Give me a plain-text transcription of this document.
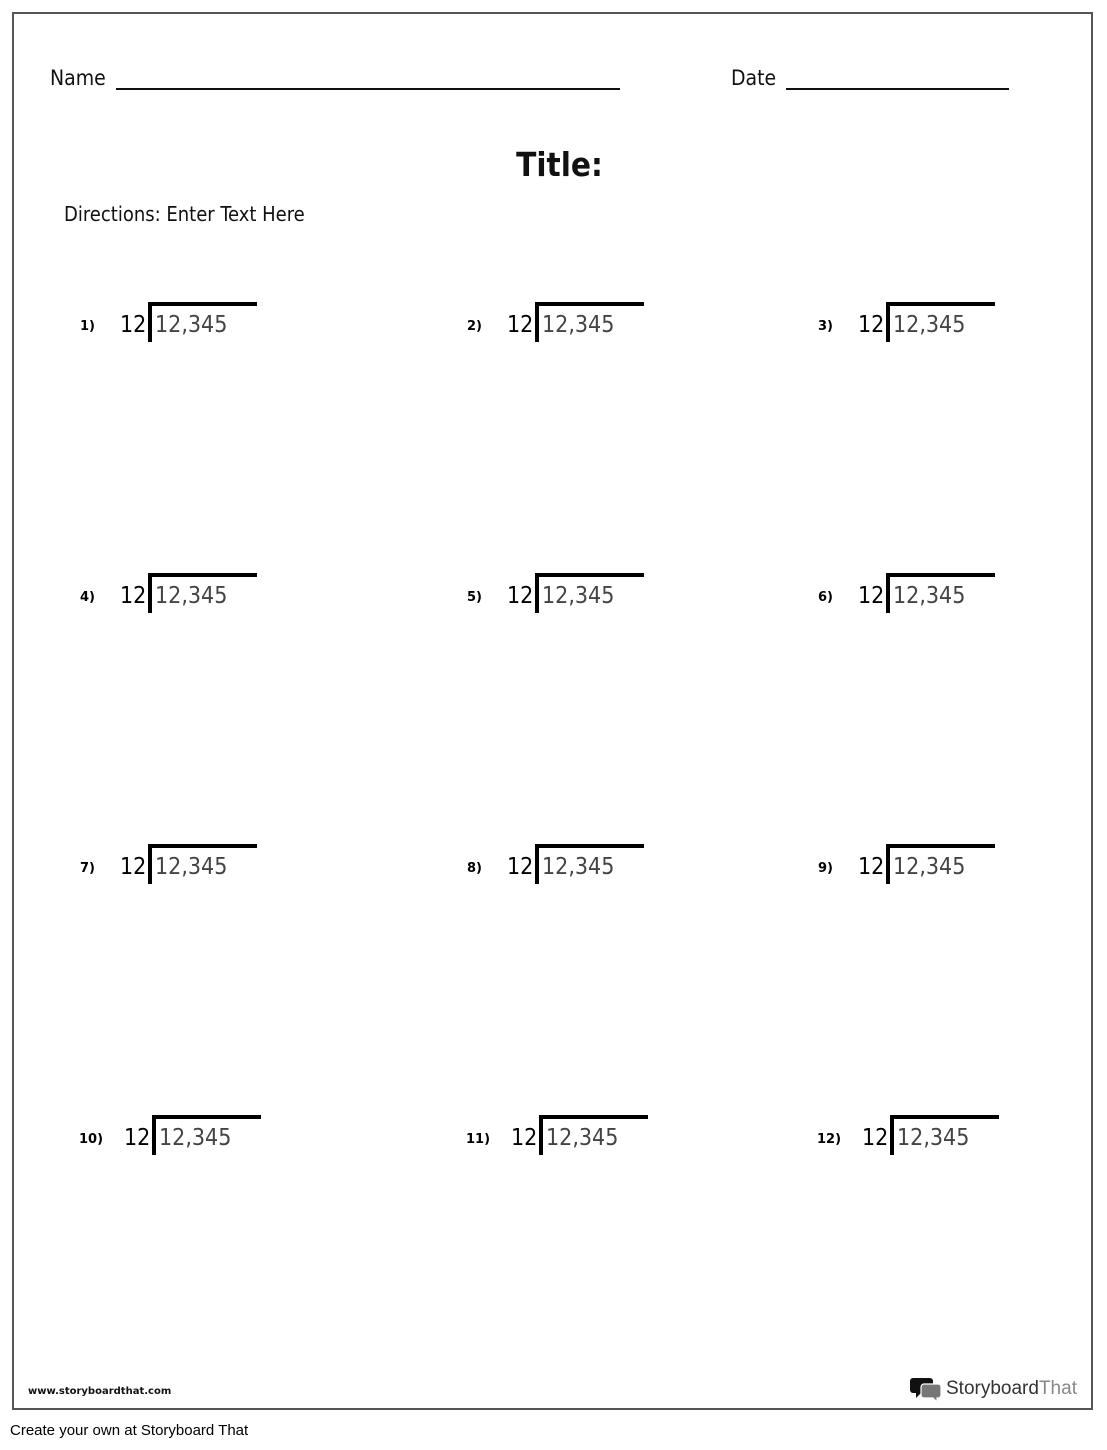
Name	Date
Title:
Directions: Enter Text Here
1) 12 12,345	2) 12 12,345	3) 12 12,345
4) 12 12,345	5) 12 12,345	6) 12 12,345
7) 12 12,345	8) 12 12,345	9) 12 12,345
10) 12 12,345	11) 12 12,345	12) 12 12,345
www.storyboardthat.com	StoryboardThat
Create your own at Storyboard That
